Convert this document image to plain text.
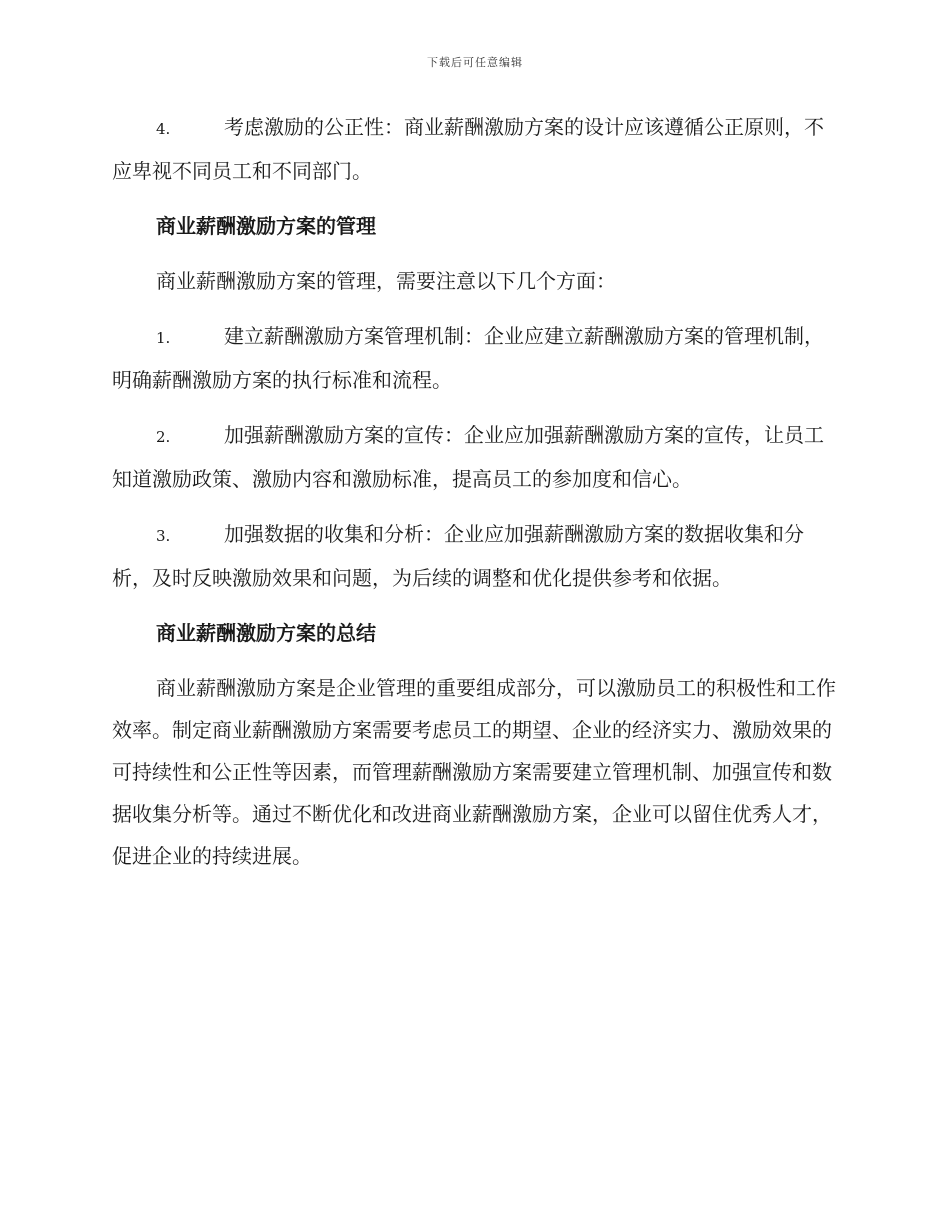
下载后可任意编辑

4.	考虑激励的公正性：商业薪酬激励方案的设计应该遵循公正原则，不应卑视不同员工和不同部门。

商业薪酬激励方案的管理

商业薪酬激励方案的管理，需要注意以下几个方面：

1.	建立薪酬激励方案管理机制：企业应建立薪酬激励方案的管理机制，明确薪酬激励方案的执行标准和流程。

2.	加强薪酬激励方案的宣传：企业应加强薪酬激励方案的宣传，让员工知道激励政策、激励内容和激励标准，提高员工的参加度和信心。

3.	加强数据的收集和分析：企业应加强薪酬激励方案的数据收集和分析，及时反映激励效果和问题，为后续的调整和优化提供参考和依据。

商业薪酬激励方案的总结

商业薪酬激励方案是企业管理的重要组成部分，可以激励员工的积极性和工作效率。制定商业薪酬激励方案需要考虑员工的期望、企业的经济实力、激励效果的可持续性和公正性等因素，而管理薪酬激励方案需要建立管理机制、加强宣传和数据收集分析等。通过不断优化和改进商业薪酬激励方案，企业可以留住优秀人才，促进企业的持续进展。
